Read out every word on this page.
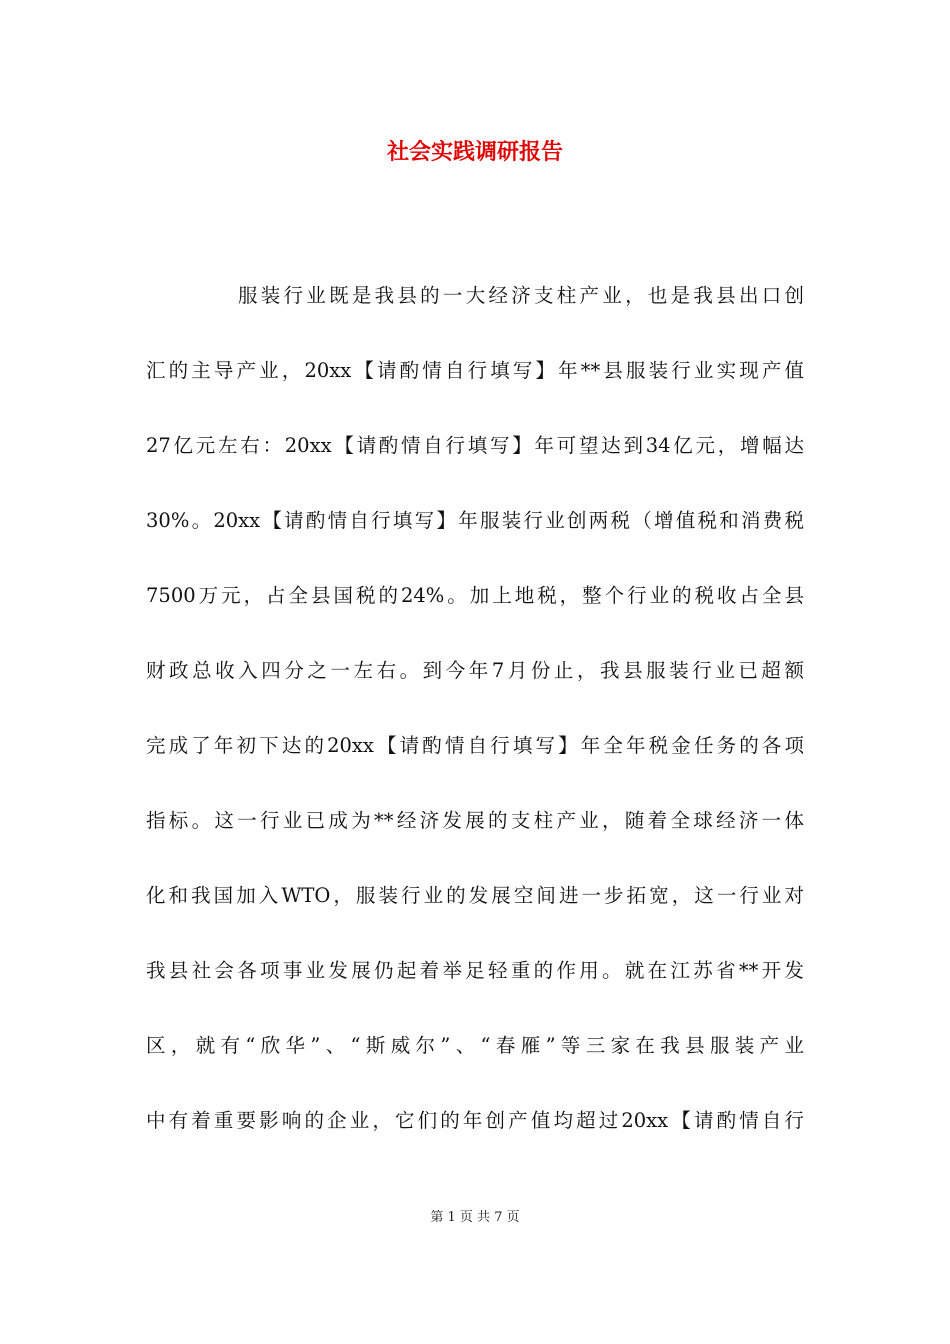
社会实践调研报告
服装行业既是我县的一大经济支柱产业，也是我县出口创
汇的主导产业，20xx【请酌情自行填写】年**县服装行业实现产值
27亿元左右：20xx【请酌情自行填写】年可望达到34亿元，增幅达
30%。20xx【请酌情自行填写】年服装行业创两税（增值税和消费税
7500万元，占全县国税的24%。加上地税，整个行业的税收占全县
财政总收入四分之一左右。到今年7月份止，我县服装行业已超额
完成了年初下达的20xx【请酌情自行填写】年全年税金任务的各项
指标。这一行业已成为**经济发展的支柱产业，随着全球经济一体
化和我国加入WTO，服装行业的发展空间进一步拓宽，这一行业对
我县社会各项事业发展仍起着举足轻重的作用。就在江苏省**开发
区，就有“欣华”、“斯威尔”、“春雁”等三家在我县服装产业
中有着重要影响的企业，它们的年创产值均超过20xx【请酌情自行
第 1 页 共 7 页
